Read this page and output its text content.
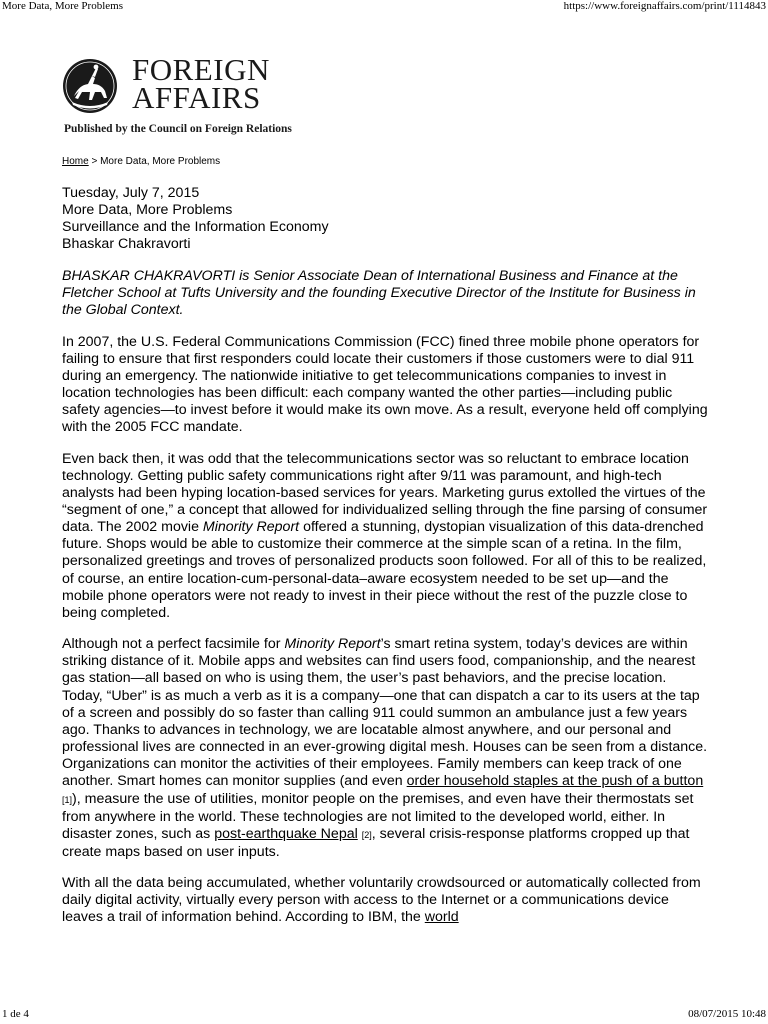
More Data, More Problems	https://www.foreignaffairs.com/print/1114843
FOREIGN
AFFAIRS
Published by the Council on Foreign Relations
Home > More Data, More Problems

Tuesday, July 7, 2015

More Data, More Problems

Surveillance and the Information Economy

Bhaskar Chakravorti

BHASKAR CHAKRAVORTI is Senior Associate Dean of International Business and Finance at the Fletcher School at Tufts University and the founding Executive Director of the Institute for Business in the Global Context.

In 2007, the U.S. Federal Communications Commission (FCC) fined three mobile phone operators for failing to ensure that first responders could locate their customers if those customers were to dial 911 during an emergency. The nationwide initiative to get telecommunications companies to invest in location technologies has been difficult: each company wanted the other parties—including public safety agencies—to invest before it would make its own move. As a result, everyone held off complying with the 2005 FCC mandate.

Even back then, it was odd that the telecommunications sector was so reluctant to embrace location technology. Getting public safety communications right after 9/11 was paramount, and high-tech analysts had been hyping location-based services for years. Marketing gurus extolled the virtues of the “segment of one,” a concept that allowed for individualized selling through the fine parsing of consumer data. The 2002 movie Minority Report offered a stunning, dystopian visualization of this data-drenched future. Shops would be able to customize their commerce at the simple scan of a retina. In the film, personalized greetings and troves of personalized products soon followed. For all of this to be realized, of course, an entire location-cum-personal-data–aware ecosystem needed to be set up—and the mobile phone operators were not ready to invest in their piece without the rest of the puzzle close to being completed.

Although not a perfect facsimile for Minority Report’s smart retina system, today’s devices are within striking distance of it. Mobile apps and websites can find users food, companionship, and the nearest gas station—all based on who is using them, the user’s past behaviors, and the precise location. Today, “Uber” is as much a verb as it is a company—one that can dispatch a car to its users at the tap of a screen and possibly do so faster than calling 911 could summon an ambulance just a few years ago. Thanks to advances in technology, we are locatable almost anywhere, and our personal and professional lives are connected in an ever-growing digital mesh. Houses can be seen from a distance. Organizations can monitor the activities of their employees. Family members can keep track of one another. Smart homes can monitor supplies (and even order household staples at the push of a button [1]), measure the use of utilities, monitor people on the premises, and even have their thermostats set from anywhere in the world. These technologies are not limited to the developed world, either. In disaster zones, such as post-earthquake Nepal [2], several crisis-response platforms cropped up that create maps based on user inputs.

With all the data being accumulated, whether voluntarily crowdsourced or automatically collected from daily digital activity, virtually every person with access to the Internet or a communications device leaves a trail of information behind. According to IBM, the world

1 de 4	08/07/2015 10:48
